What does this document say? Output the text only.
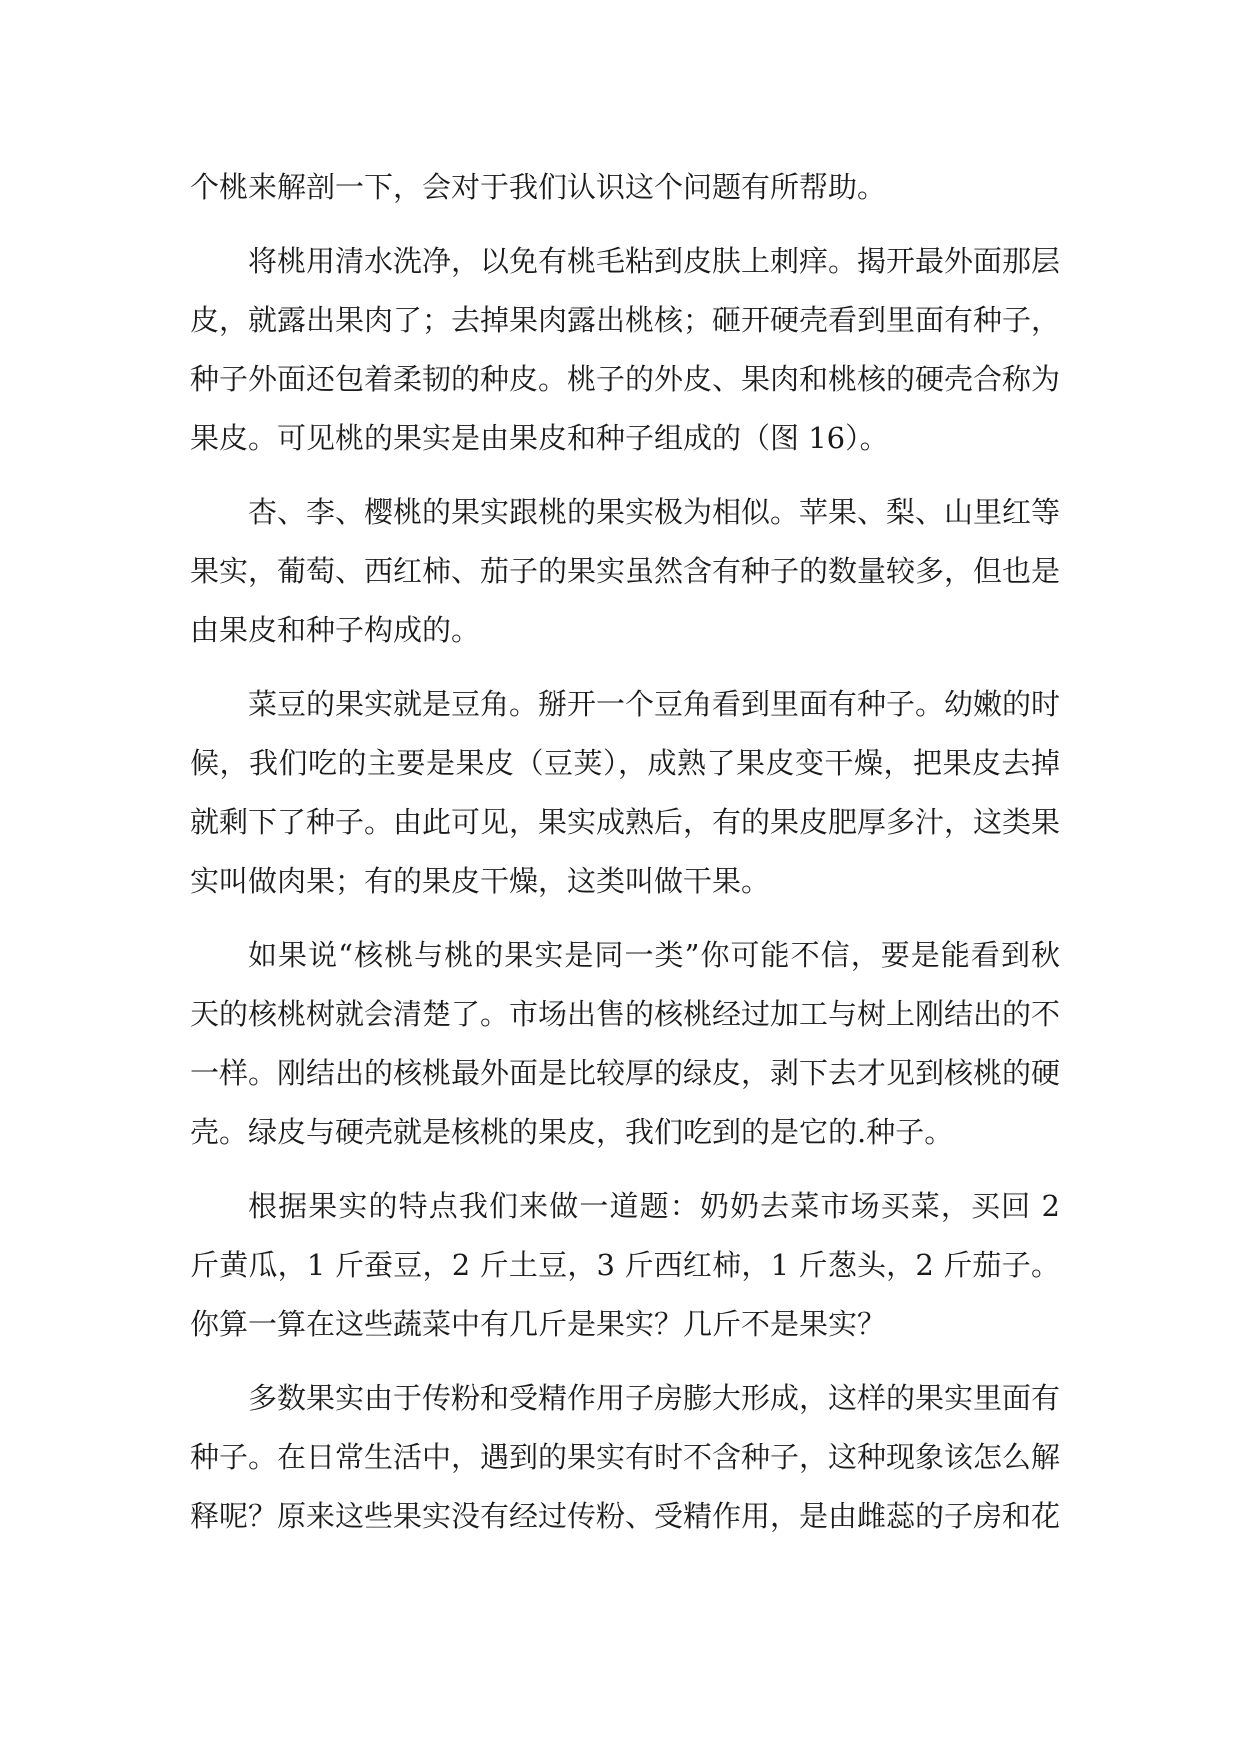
个桃来解剖一下，会对于我们认识这个问题有所帮助。

将桃用清水洗净，以免有桃毛粘到皮肤上刺痒。揭开最外面那层皮，就露出果肉了；去掉果肉露出桃核；砸开硬壳看到里面有种子，种子外面还包着柔韧的种皮。桃子的外皮、果肉和桃核的硬壳合称为果皮。可见桃的果实是由果皮和种子组成的（图 16）。

杏、李、樱桃的果实跟桃的果实极为相似。苹果、梨、山里红等果实，葡萄、西红柿、茄子的果实虽然含有种子的数量较多，但也是由果皮和种子构成的。

菜豆的果实就是豆角。掰开一个豆角看到里面有种子。幼嫩的时候，我们吃的主要是果皮（豆荚），成熟了果皮变干燥，把果皮去掉就剩下了种子。由此可见，果实成熟后，有的果皮肥厚多汁，这类果实叫做肉果；有的果皮干燥，这类叫做干果。

如果说“核桃与桃的果实是同一类”你可能不信，要是能看到秋天的核桃树就会清楚了。市场出售的核桃经过加工与树上刚结出的不一样。刚结出的核桃最外面是比较厚的绿皮，剥下去才见到核桃的硬壳。绿皮与硬壳就是核桃的果皮，我们吃到的是它的.种子。

根据果实的特点我们来做一道题：奶奶去菜市场买菜，买回 2 斤黄瓜，1 斤蚕豆，2 斤土豆，3 斤西红柿，1 斤葱头，2 斤茄子。你算一算在这些蔬菜中有几斤是果实？几斤不是果实？

多数果实由于传粉和受精作用子房膨大形成，这样的果实里面有种子。在日常生活中，遇到的果实有时不含种子，这种现象该怎么解释呢？原来这些果实没有经过传粉、受精作用，是由雌蕊的子房和花
